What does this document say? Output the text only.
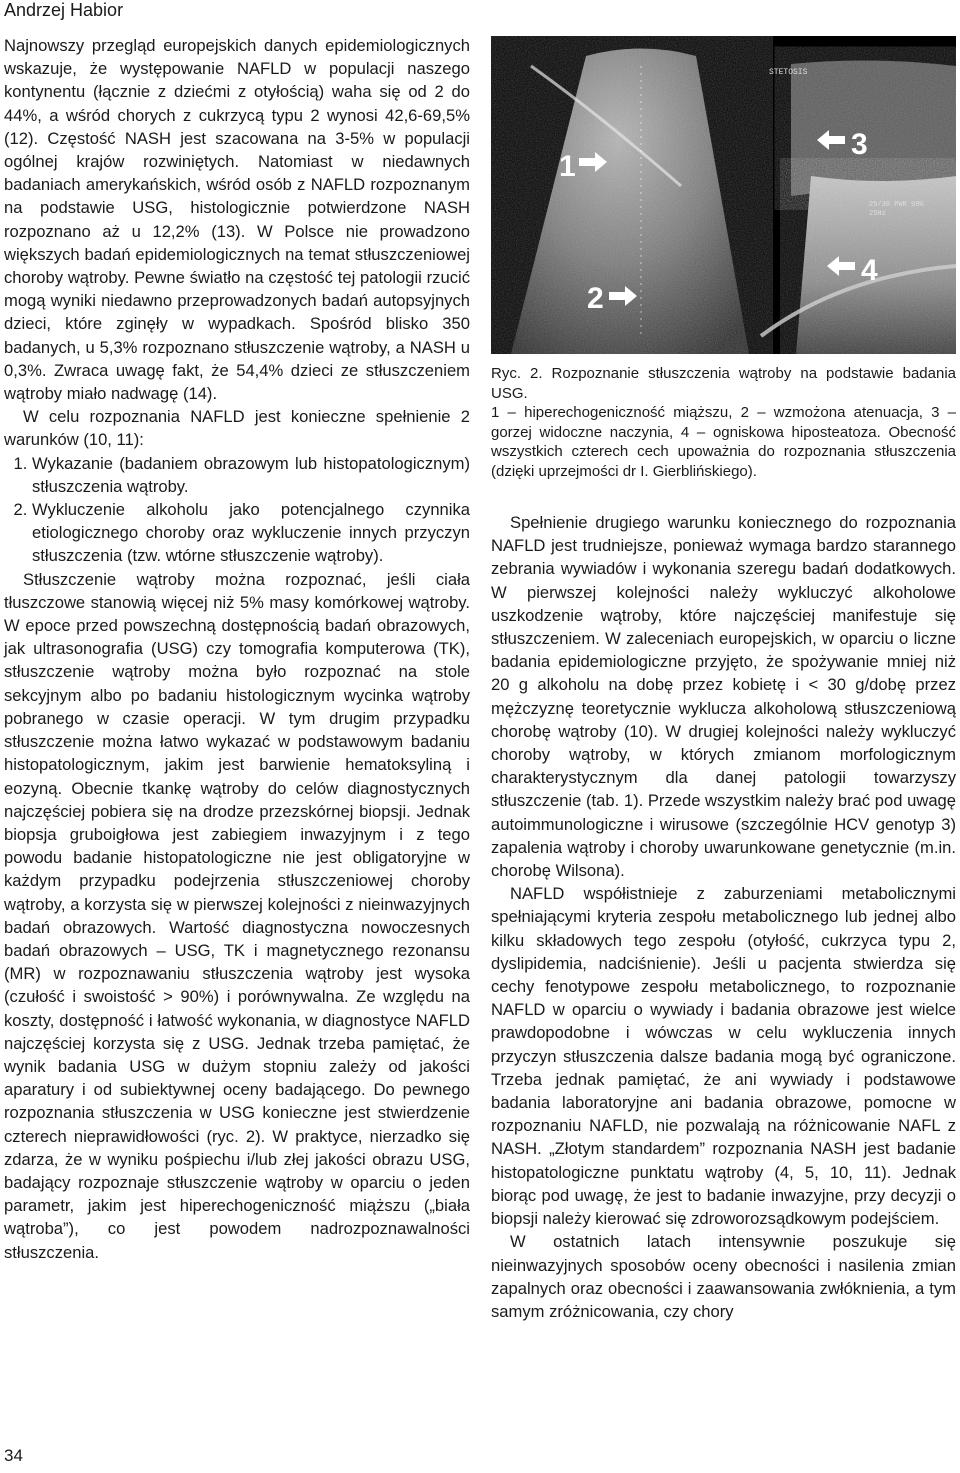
Andrzej Habior

Najnowszy przegląd europejskich danych epidemiologicznych wskazuje, że występowanie NAFLD w populacji naszego kontynentu (łącznie z dziećmi z otyłością) waha się od 2 do 44%, a wśród chorych z cukrzycą typu 2 wynosi 42,6-69,5% (12). Częstość NASH jest szacowana na 3-5% w populacji ogólnej krajów rozwiniętych. Natomiast w niedawnych badaniach amerykańskich, wśród osób z NAFLD rozpoznanym na podstawie USG, histologicznie potwierdzone NASH rozpoznano aż u 12,2% (13). W Polsce nie prowadzono większych badań epidemiologicznych na temat stłuszczeniowej choroby wątroby. Pewne światło na częstość tej patologii rzucić mogą wyniki niedawno przeprowadzonych badań autopsyjnych dzieci, które zginęły w wypadkach. Spośród blisko 350 badanych, u 5,3% rozpoznano stłuszczenie wątroby, a NASH u 0,3%. Zwraca uwagę fakt, że 54,4% dzieci ze stłuszczeniem wątroby miało nadwagę (14).

W celu rozpoznania NAFLD jest konieczne spełnienie 2 warunków (10, 11):

1. Wykazanie (badaniem obrazowym lub histopatologicznym) stłuszczenia wątroby.
2. Wykluczenie alkoholu jako potencjalnego czynnika etiologicznego choroby oraz wykluczenie innych przyczyn stłuszczenia (tzw. wtórne stłuszczenie wątroby).

Stłuszczenie wątroby można rozpoznać, jeśli ciała tłuszczowe stanowią więcej niż 5% masy komórkowej wątroby. W epoce przed powszechną dostępnością badań obrazowych, jak ultrasonografia (USG) czy tomografia komputerowa (TK), stłuszczenie wątroby można było rozpoznać na stole sekcyjnym albo po badaniu histologicznym wycinka wątroby pobranego w czasie operacji. W tym drugim przypadku stłuszczenie można łatwo wykazać w podstawowym badaniu histopatologicznym, jakim jest barwienie hematoksyliną i eozyną. Obecnie tkankę wątroby do celów diagnostycznych najczęściej pobiera się na drodze przezskórnej biopsji. Jednak biopsja gruboigłowa jest zabiegiem inwazyjnym i z tego powodu badanie histopatologiczne nie jest obligatoryjne w każdym przypadku podejrzenia stłuszczeniowej choroby wątroby, a korzysta się w pierwszej kolejności z nieinwazyjnych badań obrazowych. Wartość diagnostyczna nowoczesnych badań obrazowych – USG, TK i magnetycznego rezonansu (MR) w rozpoznawaniu stłuszczenia wątroby jest wysoka (czułość i swoistość > 90%) i porównywalna. Ze względu na koszty, dostępność i łatwość wykonania, w diagnostyce NAFLD najczęściej korzysta się z USG. Jednak trzeba pamiętać, że wynik badania USG w dużym stopniu zależy od jakości aparatury i od subiektywnej oceny badającego. Do pewnego rozpoznania stłuszczenia w USG konieczne jest stwierdzenie czterech nieprawidłowości (ryc. 2). W praktyce, nierzadko się zdarza, że w wyniku pośpiechu i/lub złej jakości obrazu USG, badający rozpoznaje stłuszczenie wątroby w oparciu o jeden parametr, jakim jest hiperechogeniczność miąższu („biała wątroba”), co jest powodem nadrozpoznawalności stłuszczenia.

STETOSIS
25/30 PWR 98%
25Hz
1
2
3
4

Ryc. 2. Rozpoznanie stłuszczenia wątroby na podstawie badania USG.

1 – hiperechogeniczność miąższu, 2 – wzmożona atenuacja, 3 – gorzej widoczne naczynia, 4 – ogniskowa hiposteatoza. Obecność wszystkich czterech cech upoważnia do rozpoznania stłuszczenia (dzięki uprzejmości dr I. Gierblińskiego).

Spełnienie drugiego warunku koniecznego do rozpoznania NAFLD jest trudniejsze, ponieważ wymaga bardzo starannego zebrania wywiadów i wykonania szeregu badań dodatkowych. W pierwszej kolejności należy wykluczyć alkoholowe uszkodzenie wątroby, które najczęściej manifestuje się stłuszczeniem. W zaleceniach europejskich, w oparciu o liczne badania epidemiologiczne przyjęto, że spożywanie mniej niż 20 g alkoholu na dobę przez kobietę i < 30 g/dobę przez mężczyznę teoretycznie wyklucza alkoholową stłuszczeniową chorobę wątroby (10). W drugiej kolejności należy wykluczyć choroby wątroby, w których zmianom morfologicznym charakterystycznym dla danej patologii towarzyszy stłuszczenie (tab. 1). Przede wszystkim należy brać pod uwagę autoimmunologiczne i wirusowe (szczególnie HCV genotyp 3) zapalenia wątroby i choroby uwarunkowane genetycznie (m.in. chorobę Wilsona).

NAFLD współistnieje z zaburzeniami metabolicznymi spełniającymi kryteria zespołu metabolicznego lub jednej albo kilku składowych tego zespołu (otyłość, cukrzyca typu 2, dyslipidemia, nadciśnienie). Jeśli u pacjenta stwierdza się cechy fenotypowe zespołu metabolicznego, to rozpoznanie NAFLD w oparciu o wywiady i badania obrazowe jest wielce prawdopodobne i wówczas w celu wykluczenia innych przyczyn stłuszczenia dalsze badania mogą być ograniczone. Trzeba jednak pamiętać, że ani wywiady i podstawowe badania laboratoryjne ani badania obrazowe, pomocne w rozpoznaniu NAFLD, nie pozwalają na różnicowanie NAFL z NASH. „Złotym standardem” rozpoznania NASH jest badanie histopatologiczne punktatu wątroby (4, 5, 10, 11). Jednak biorąc pod uwagę, że jest to badanie inwazyjne, przy decyzji o biopsji należy kierować się zdroworozsądkowym podejściem.

W ostatnich latach intensywnie poszukuje się nieinwazyjnych sposobów oceny obecności i nasilenia zmian zapalnych oraz obecności i zaawansowania zwłóknienia, a tym samym zróżnicowania, czy chory

34
